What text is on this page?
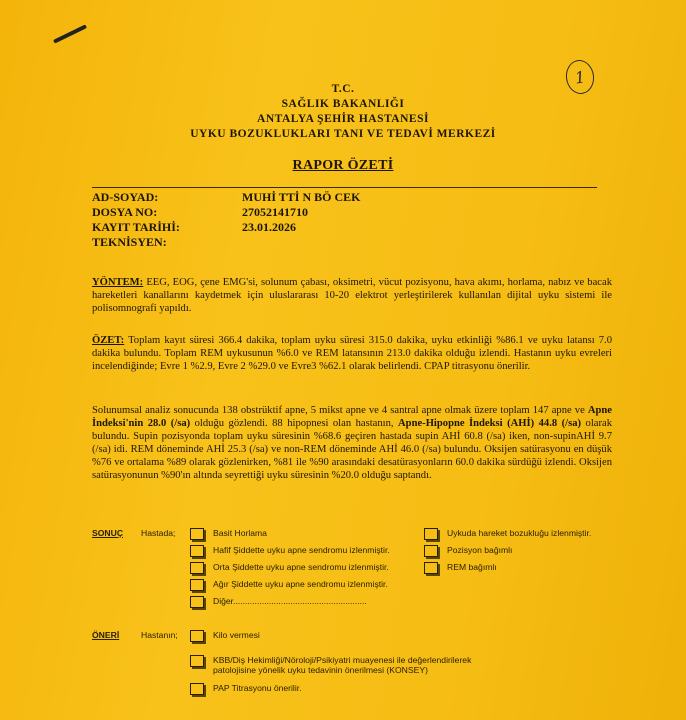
1
T.C.
SAĞLIK BAKANLIĞI
ANTALYA ŞEHİR HASTANESİ
UYKU BOZUKLUKLARI TANI VE TEDAVİ MERKEZİ
RAPOR ÖZETİ
AD-SOYAD:	MUHİ TTİ N BÖ CEK
DOSYA NO:	27052141710
KAYIT TARİHİ:	23.01.2026
TEKNİSYEN:
YÖNTEM: EEG, EOG, çene EMG'si, solunum çabası, oksimetri, vücut pozisyonu, hava akımı, horlama, nabız ve bacak hareketleri kanallarını kaydetmek için uluslararası 10-20 elektrot yerleştirilerek kullanılan dijital uyku sistemi ile polisomnografi yapıldı.
ÖZET: Toplam kayıt süresi 366.4 dakika, toplam uyku süresi 315.0 dakika, uyku etkinliği %86.1 ve uyku latansı 7.0 dakika bulundu. Toplam REM uykusunun %6.0 ve REM latansının 213.0 dakika olduğu izlendi. Hastanın uyku evreleri incelendiğinde; Evre 1 %2.9, Evre 2 %29.0 ve Evre3 %62.1 olarak belirlendi. CPAP titrasyonu önerilir.
Solunumsal analiz sonucunda 138 obstrüktif apne, 5 mikst apne ve 4 santral apne olmak üzere toplam 147 apne ve Apne İndeksi'nin 28.0 (/sa) olduğu gözlendi. 88 hipopnesi olan hastanın, Apne-Hipopne İndeksi (AHİ) 44.8 (/sa) olarak bulundu. Supin pozisyonda toplam uyku süresinin %68.6 geçiren hastada supin AHİ 60.8 (/sa) iken, non-supinAHİ 9.7 (/sa) idi. REM döneminde AHİ 25.3 (/sa) ve non-REM döneminde AHİ 46.0 (/sa) bulundu. Oksijen satürasyonu en düşük %76 ve ortalama %89 olarak gözlenirken, %81 ile %90 arasındaki desatürasyonların 60.0 dakika sürdüğü izlendi. Oksijen satürasyonunun %90'ın altında seyrettiği uyku süresinin %20.0 olduğu saptandı.
SONUÇ Hastada;	Basit Horlama
Hafif Şiddette uyku apne sendromu izlenmiştir.
Orta Şiddette uyku apne sendromu izlenmiştir.
Ağır Şiddette uyku apne sendromu izlenmiştir.
Diğer........................................................
Uykuda hareket bozukluğu izlenmiştir.
Pozisyon bağımlı
REM bağımlı
ÖNERİ	Hastanın;	Kilo vermesi
KBB/Diş Hekimliği/Nöroloji/Psikiyatri muayenesi ile değerlendirilerek patolojisine yönelik uyku tedavinin önerilmesi (KONSEY)
PAP Titrasyonu önerilir.
